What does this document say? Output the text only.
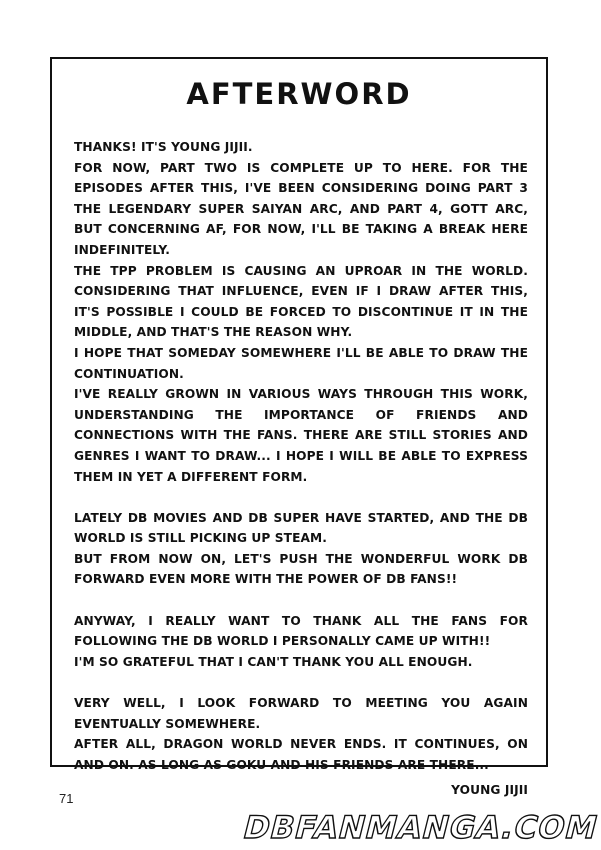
AFTERWORD

THANKS! IT'S YOUNG JIJII.

FOR NOW, PART TWO IS COMPLETE UP TO HERE. FOR THE EPISODES AFTER THIS, I'VE BEEN CONSIDERING DOING PART 3 THE LEGENDARY SUPER SAIYAN ARC, AND PART 4, GOTT ARC, BUT CONCERNING AF, FOR NOW, I'LL BE TAKING A BREAK HERE INDEFINITELY.

THE TPP PROBLEM IS CAUSING AN UPROAR IN THE WORLD. CONSIDERING THAT INFLUENCE, EVEN IF I DRAW AFTER THIS, IT'S POSSIBLE I COULD BE FORCED TO DISCONTINUE IT IN THE MIDDLE, AND THAT'S THE REASON WHY.

I HOPE THAT SOMEDAY SOMEWHERE I'LL BE ABLE TO DRAW THE CONTINUATION.

I'VE REALLY GROWN IN VARIOUS WAYS THROUGH THIS WORK, UNDERSTANDING THE IMPORTANCE OF FRIENDS AND CONNECTIONS WITH THE FANS. THERE ARE STILL STORIES AND GENRES I WANT TO DRAW... I HOPE I WILL BE ABLE TO EXPRESS THEM IN YET A DIFFERENT FORM.

LATELY DB MOVIES AND DB SUPER HAVE STARTED, AND THE DB WORLD IS STILL PICKING UP STEAM.

BUT FROM NOW ON, LET'S PUSH THE WONDERFUL WORK DB FORWARD EVEN MORE WITH THE POWER OF DB FANS!!

ANYWAY, I REALLY WANT TO THANK ALL THE FANS FOR FOLLOWING THE DB WORLD I PERSONALLY CAME UP WITH!!

I'M SO GRATEFUL THAT I CAN'T THANK YOU ALL ENOUGH.

VERY WELL, I LOOK FORWARD TO MEETING YOU AGAIN EVENTUALLY SOMEWHERE.

AFTER ALL, DRAGON WORLD NEVER ENDS. IT CONTINUES, ON AND ON. AS LONG AS GOKU AND HIS FRIENDS ARE THERE...

YOUNG JIJII

71
DBFANMANGA.COM
